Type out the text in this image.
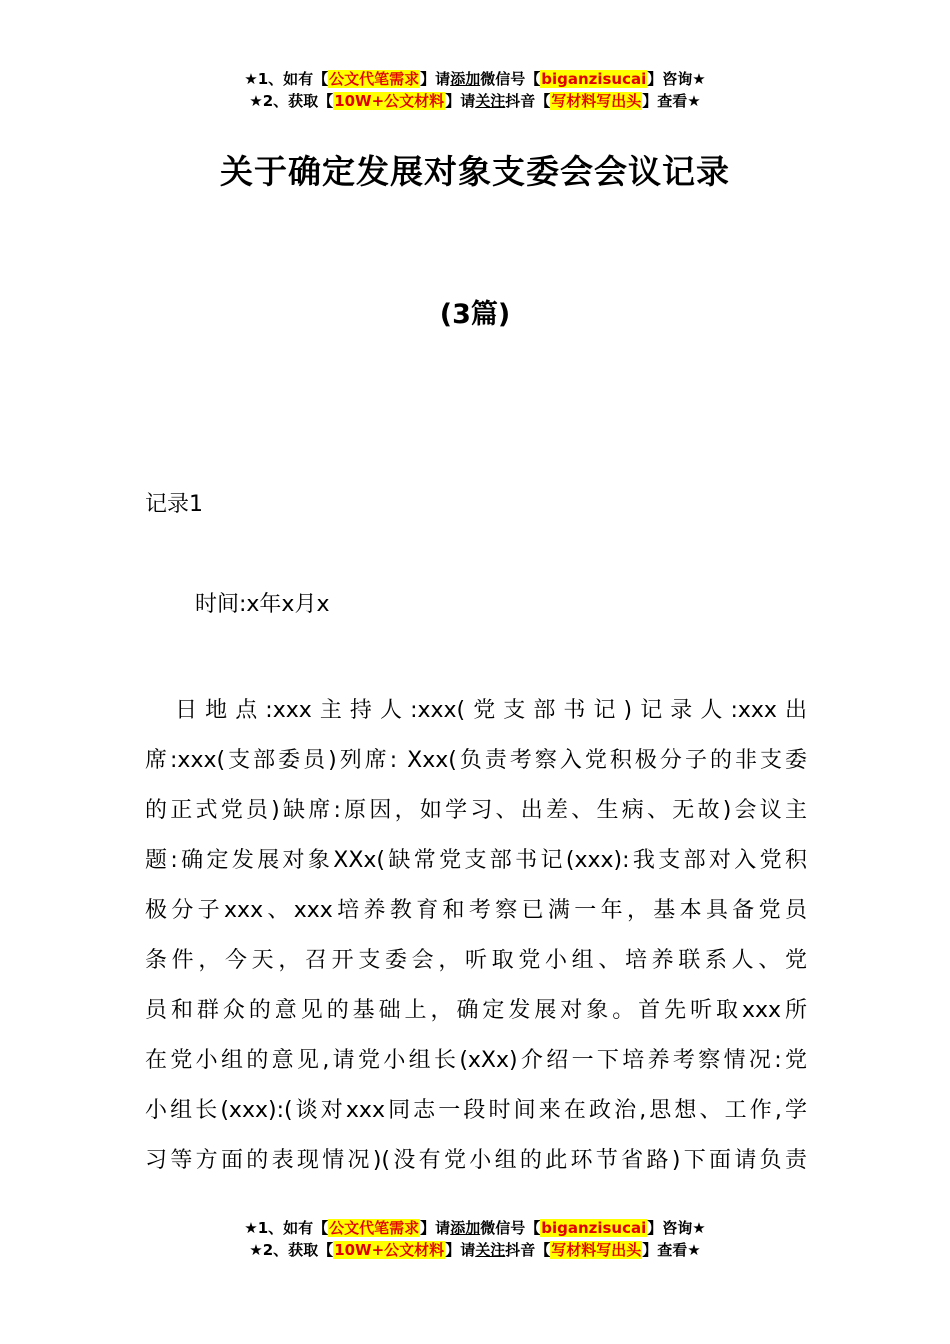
★1、如有【公文代笔需求】请添加微信号【biganzisucai】咨询★
★2、获取【10W+公文材料】请关注抖音【写材料写出头】查看★
关于确定发展对象支委会会议记录
(3篇)
记录1
时间:x年x月x
　日地点:xxx主持人:xxx(党支部书记)记录人:xxx出
席:xxx(支部委员)列席: Xxx(负责考察入党积极分子的非支委
的正式党员)缺席:原因，如学习、出差、生病、无故)会议主
题:确定发展对象XXx(缺常党支部书记(xxx):我支部对入党积
极分子xxx、xxx培养教育和考察已满一年，基本具备党员
条件，今天，召开支委会，听取党小组、培养联系人、党
员和群众的意见的基础上，确定发展对象。首先听取xxx所
在党小组的意见,请党小组长(xXx)介绍一下培养考察情况:党
小组长(xxx):(谈对xxx同志一段时间来在政治,思想、工作,学
习等方面的表现情况)(没有党小组的此环节省路)下面请负责
★1、如有【公文代笔需求】请添加微信号【biganzisucai】咨询★
★2、获取【10W+公文材料】请关注抖音【写材料写出头】查看★
